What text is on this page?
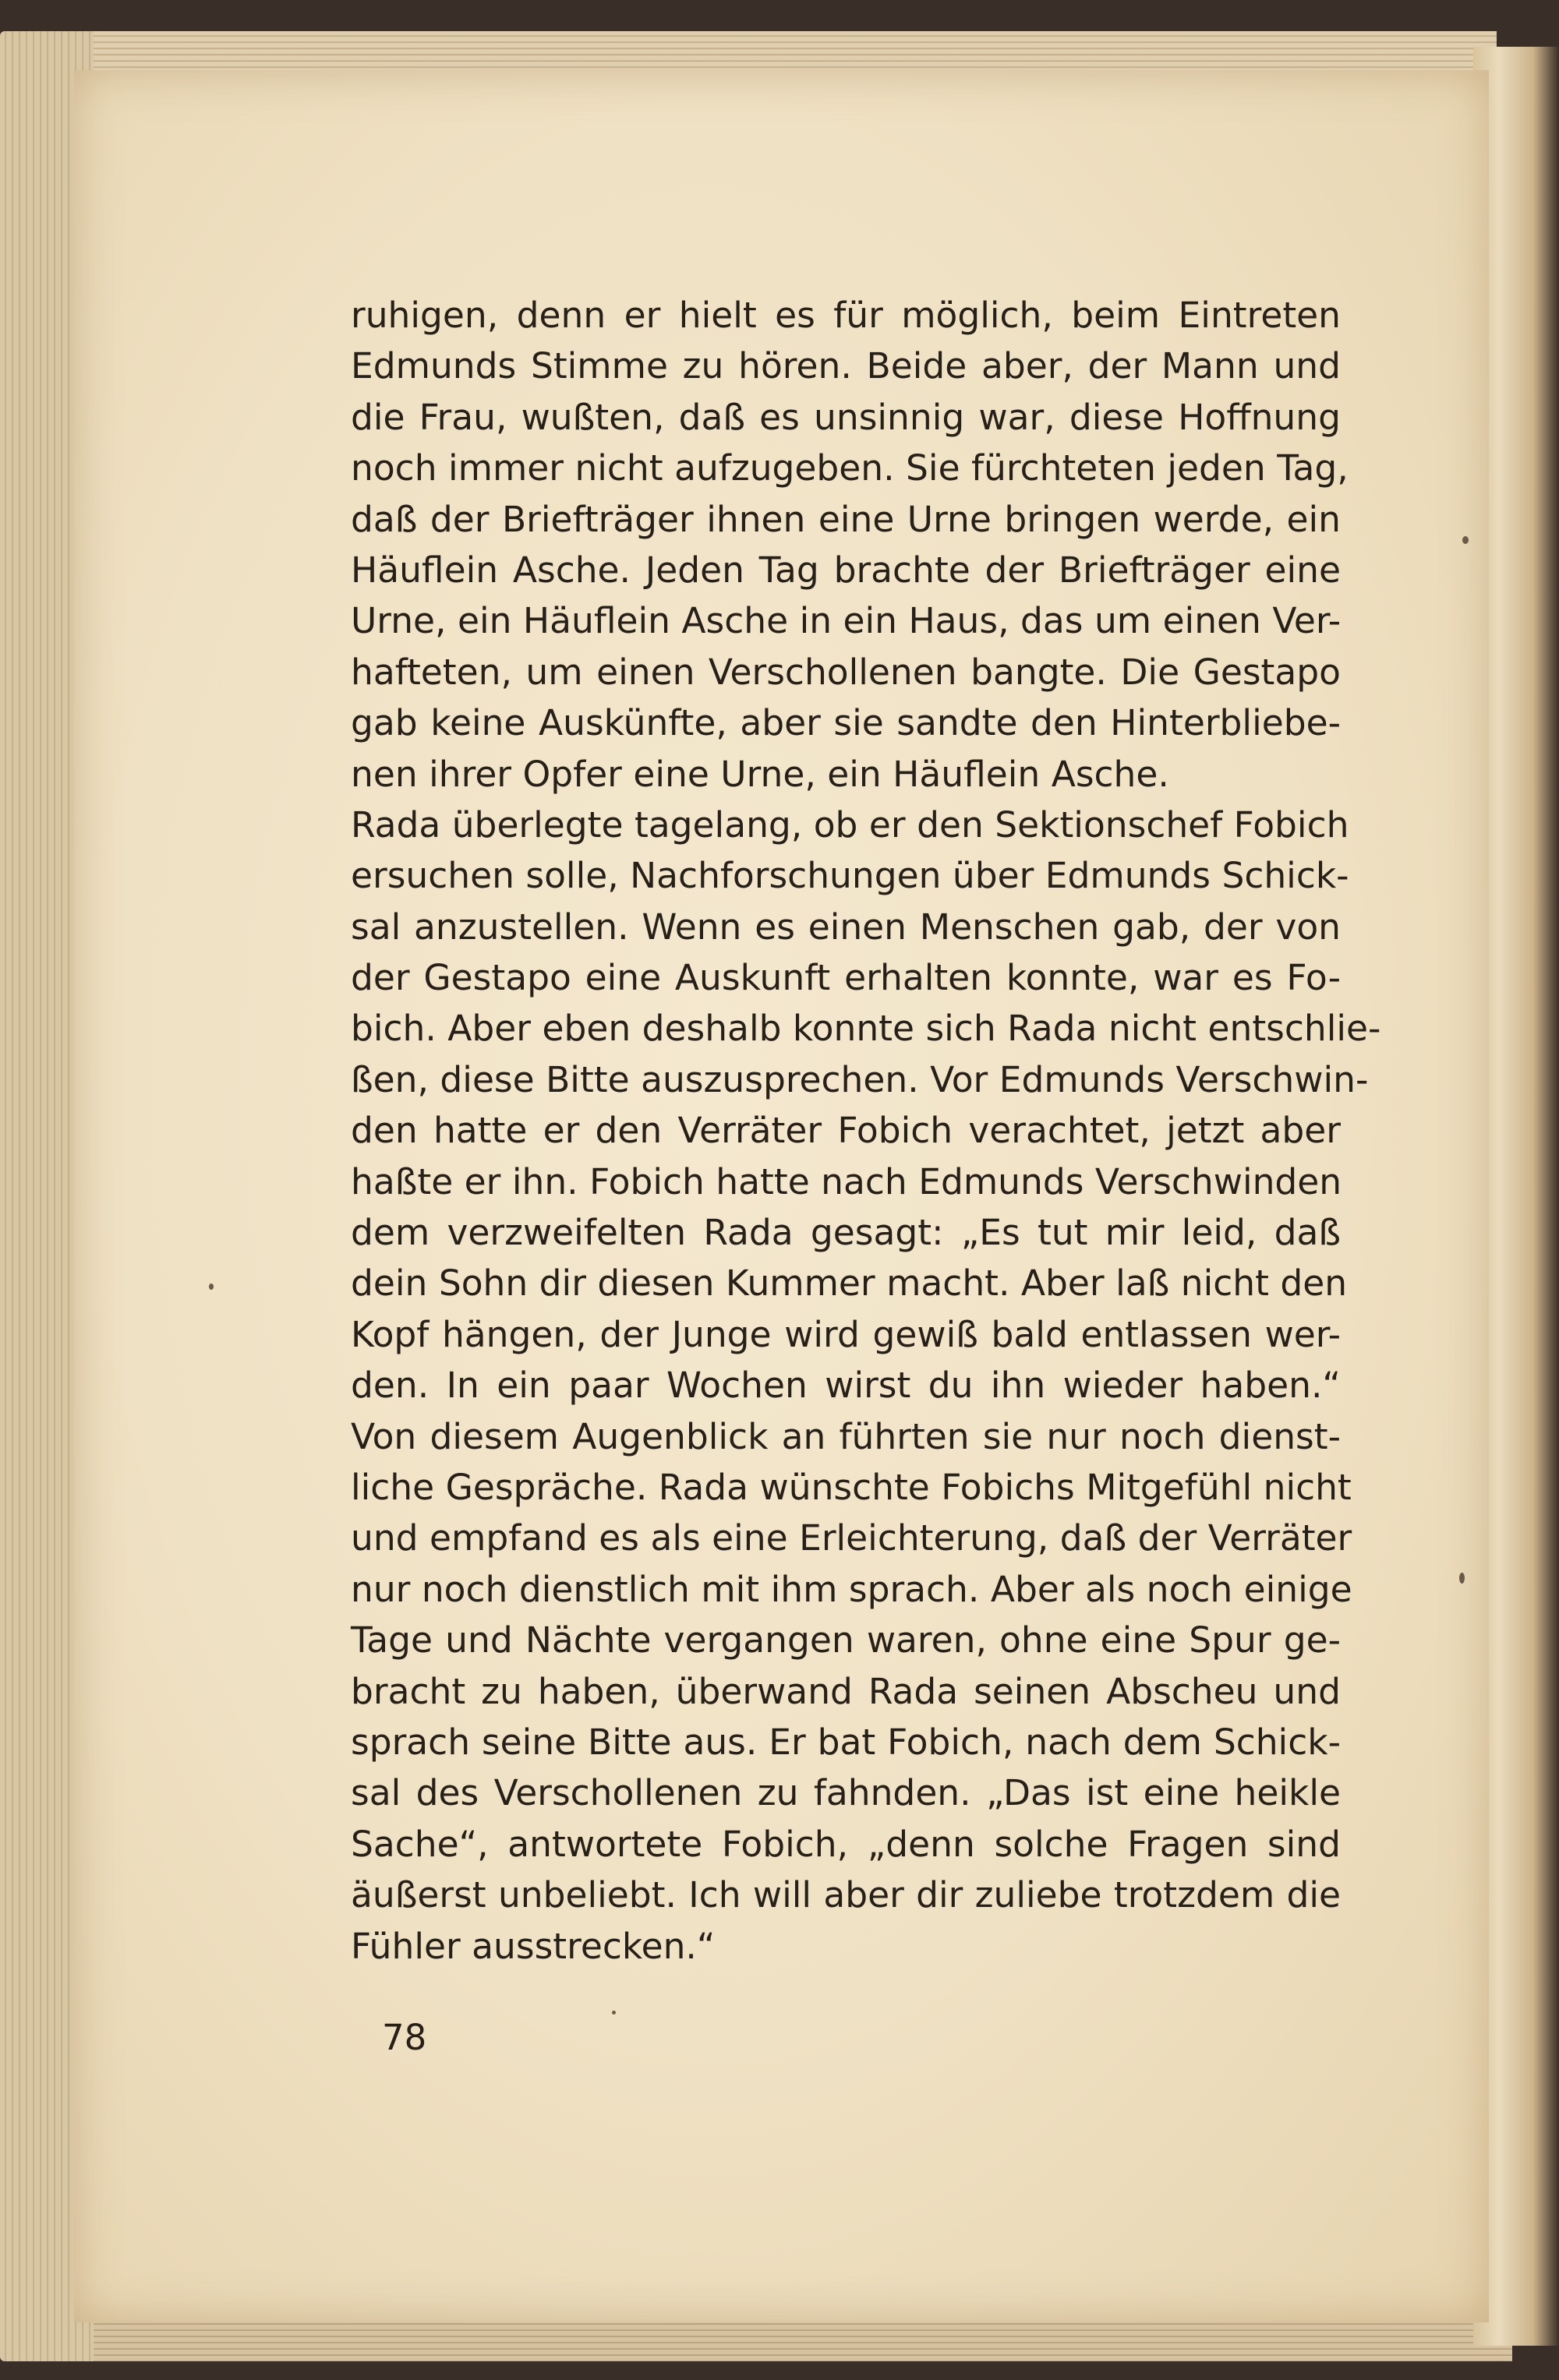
ruhigen, denn er hielt es für möglich, beim Eintreten
Edmunds Stimme zu hören. Beide aber, der Mann und
die Frau, wußten, daß es unsinnig war, diese Hoffnung
noch immer nicht aufzugeben. Sie fürchteten jeden Tag,
daß der Briefträger ihnen eine Urne bringen werde, ein
Häuflein Asche. Jeden Tag brachte der Briefträger eine
Urne, ein Häuflein Asche in ein Haus, das um einen Ver-
hafteten, um einen Verschollenen bangte. Die Gestapo
gab keine Auskünfte, aber sie sandte den Hinterbliebe-
nen ihrer Opfer eine Urne, ein Häuflein Asche.
Rada überlegte tagelang, ob er den Sektionschef Fobich
ersuchen solle, Nachforschungen über Edmunds Schick-
sal anzustellen. Wenn es einen Menschen gab, der von
der Gestapo eine Auskunft erhalten konnte, war es Fo-
bich. Aber eben deshalb konnte sich Rada nicht entschlie-
ßen, diese Bitte auszusprechen. Vor Edmunds Verschwin-
den hatte er den Verräter Fobich verachtet, jetzt aber
haßte er ihn. Fobich hatte nach Edmunds Verschwinden
dem verzweifelten Rada gesagt: „Es tut mir leid, daß
dein Sohn dir diesen Kummer macht. Aber laß nicht den
Kopf hängen, der Junge wird gewiß bald entlassen wer-
den. In ein paar Wochen wirst du ihn wieder haben.“
Von diesem Augenblick an führten sie nur noch dienst-
liche Gespräche. Rada wünschte Fobichs Mitgefühl nicht
und empfand es als eine Erleichterung, daß der Verräter
nur noch dienstlich mit ihm sprach. Aber als noch einige
Tage und Nächte vergangen waren, ohne eine Spur ge-
bracht zu haben, überwand Rada seinen Abscheu und
sprach seine Bitte aus. Er bat Fobich, nach dem Schick-
sal des Verschollenen zu fahnden. „Das ist eine heikle
Sache“, antwortete Fobich, „denn solche Fragen sind
äußerst unbeliebt. Ich will aber dir zuliebe trotzdem die
Fühler ausstrecken.“
78
